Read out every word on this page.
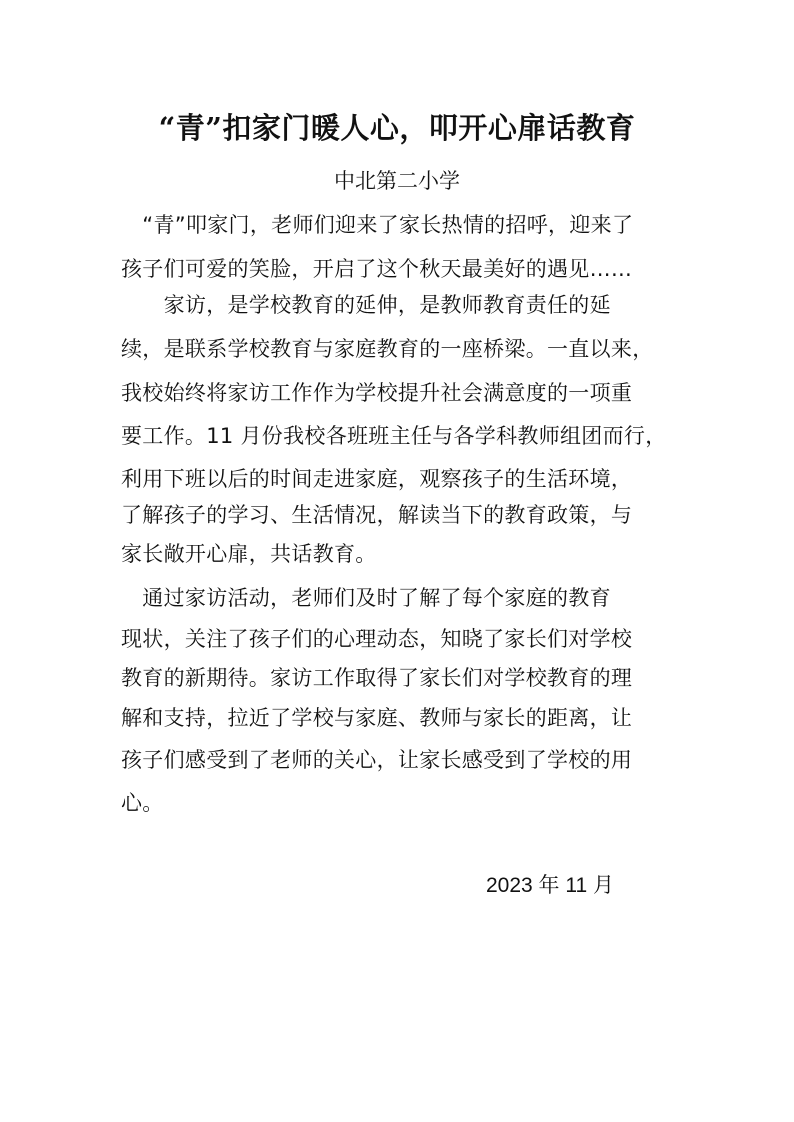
“青”扣家门暖人心，叩开心扉话教育
中北第二小学
　“青”叩家门，老师们迎来了家长热情的招呼，迎来了
孩子们可爱的笑脸，开启了这个秋天最美好的遇见……
　　家访，是学校教育的延伸，是教师教育责任的延
续，是联系学校教育与家庭教育的一座桥梁。一直以来，
我校始终将家访工作作为学校提升社会满意度的一项重
要工作。11 月份我校各班班主任与各学科教师组团而行，
利用下班以后的时间走进家庭，观察孩子的生活环境，
了解孩子的学习、生活情况，解读当下的教育政策，与
家长敞开心扉，共话教育。
　通过家访活动，老师们及时了解了每个家庭的教育
现状，关注了孩子们的心理动态，知晓了家长们对学校
教育的新期待。家访工作取得了家长们对学校教育的理
解和支持，拉近了学校与家庭、教师与家长的距离，让
孩子们感受到了老师的关心，让家长感受到了学校的用
心。
2023 年 11 月
